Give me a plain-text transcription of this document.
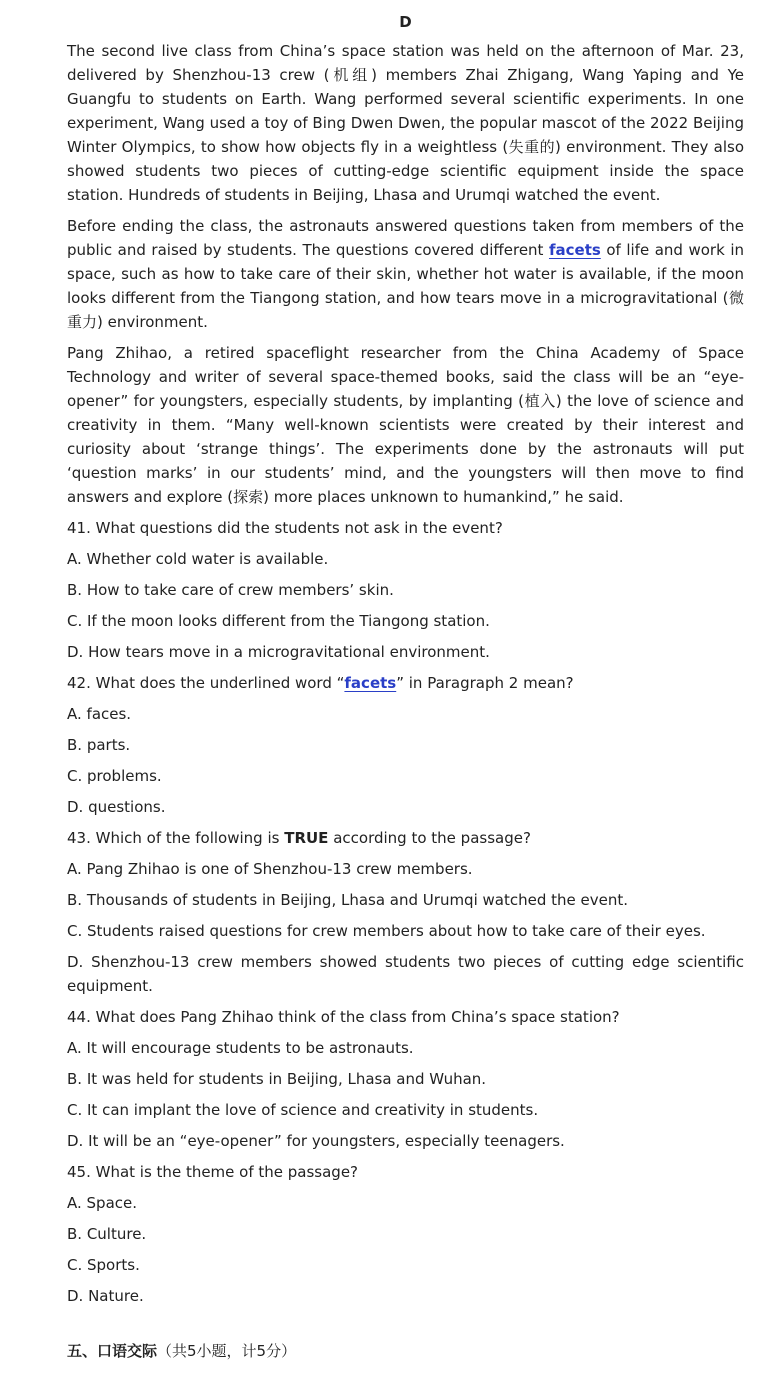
D

The second live class from China’s space station was held on the afternoon of Mar. 23, delivered by Shenzhou-13 crew (机组) members Zhai Zhigang, Wang Yaping and Ye Guangfu to students on Earth. Wang performed several scientific experiments. In one experiment, Wang used a toy of Bing Dwen Dwen, the popular mascot of the 2022 Beijing Winter Olympics, to show how objects fly in a weightless (失重的) environment. They also showed students two pieces of cutting-edge scientific equipment inside the space station. Hundreds of students in Beijing, Lhasa and Urumqi watched the event.

Before ending the class, the astronauts answered questions taken from members of the public and raised by students. The questions covered different facets of life and work in space, such as how to take care of their skin, whether hot water is available, if the moon looks different from the Tiangong station, and how tears move in a microgravitational (微重力) environment.

Pang Zhihao, a retired spaceflight researcher from the China Academy of Space Technology and writer of several space-themed books, said the class will be an “eye-opener” for youngsters, especially students, by implanting (植入) the love of science and creativity in them. “Many well-known scientists were created by their interest and curiosity about ‘strange things’. The experiments done by the astronauts will put ‘question marks’ in our students’ mind, and the youngsters will then move to find answers and explore (探索) more places unknown to humankind,” he said.

41. What questions did the students not ask in the event?
A. Whether cold water is available.
B. How to take care of crew members’ skin.
C. If the moon looks different from the Tiangong station.
D. How tears move in a microgravitational environment.
42. What does the underlined word “facets” in Paragraph 2 mean?
A. faces.
B. parts.
C. problems.
D. questions.
43. Which of the following is TRUE according to the passage?
A. Pang Zhihao is one of Shenzhou-13 crew members.
B. Thousands of students in Beijing, Lhasa and Urumqi watched the event.
C. Students raised questions for crew members about how to take care of their eyes.
D. Shenzhou-13 crew members showed students two pieces of cutting edge scientific equipment.
44. What does Pang Zhihao think of the class from China’s space station?
A. It will encourage students to be astronauts.
B. It was held for students in Beijing, Lhasa and Wuhan.
C. It can implant the love of science and creativity in students.
D. It will be an “eye-opener” for youngsters, especially teenagers.
45. What is the theme of the passage?
A. Space.
B. Culture.
C. Sports.
D. Nature.
五、口语交际（共5小题，计5分）
